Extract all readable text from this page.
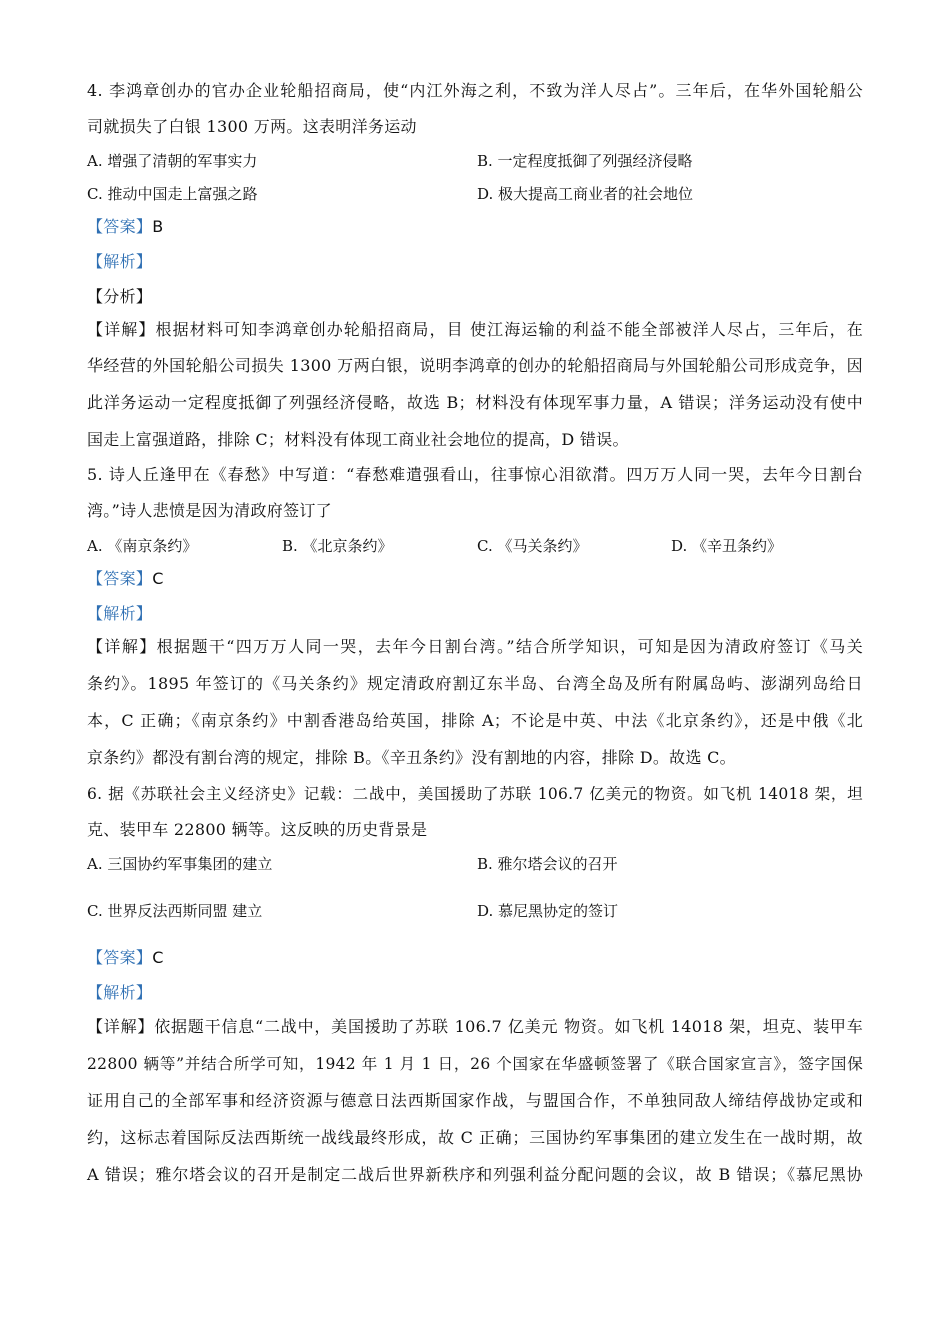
4. 李鸿章创办的官办企业轮船招商局，使“内江外海之利，不致为洋人尽占”。三年后，在华外国轮船公
司就损失了白银 1300 万两。这表明洋务运动
A. 增强了清朝的军事实力	B. 一定程度抵御了列强经济侵略
C. 推动中国走上富强之路	D. 极大提高工商业者的社会地位
【答案】B
【解析】
【分析】
【详解】根据材料可知李鸿章创办轮船招商局，目 使江海运输的利益不能全部被洋人尽占，三年后，在
华经营的外国轮船公司损失 1300 万两白银，说明李鸿章的创办的轮船招商局与外国轮船公司形成竞争，因
此洋务运动一定程度抵御了列强经济侵略，故选 B；材料没有体现军事力量，A 错误；洋务运动没有使中
国走上富强道路，排除 C；材料没有体现工商业社会地位的提高，D 错误。
5. 诗人丘逢甲在《春愁》中写道：“春愁难遣强看山，往事惊心泪欲潸。四万万人同一哭，去年今日割台
湾。”诗人悲愤是因为清政府签订了
A. 《南京条约》	B. 《北京条约》	C. 《马关条约》	D. 《辛丑条约》
【答案】C
【解析】
【详解】根据题干“四万万人同一哭，去年今日割台湾。”结合所学知识，可知是因为清政府签订《马关
条约》。1895 年签订的《马关条约》规定清政府割辽东半岛、台湾全岛及所有附属岛屿、澎湖列岛给日
本，C 正确；《南京条约》中割香港岛给英国，排除 A；不论是中英、中法《北京条约》，还是中俄《北
京条约》都没有割台湾的规定，排除 B。《辛丑条约》没有割地的内容，排除 D。故选 C。
6. 据《苏联社会主义经济史》记载：二战中，美国援助了苏联 106.7 亿美元的物资。如飞机 14018 架，坦
克、装甲车 22800 辆等。这反映的历史背景是
A. 三国协约军事集团的建立	B. 雅尔塔会议的召开
C. 世界反法西斯同盟 建立	D. 慕尼黑协定的签订
【答案】C
【解析】
【详解】依据题干信息“二战中，美国援助了苏联 106.7 亿美元 物资。如飞机 14018 架，坦克、装甲车
22800 辆等”并结合所学可知，1942 年 1 月 1 日，26 个国家在华盛顿签署了《联合国家宣言》，签字国保
证用自己的全部军事和经济资源与德意日法西斯国家作战，与盟国合作，不单独同敌人缔结停战协定或和
约，这标志着国际反法西斯统一战线最终形成，故 C 正确；三国协约军事集团的建立发生在一战时期，故
A 错误；雅尔塔会议的召开是制定二战后世界新秩序和列强利益分配问题的会议，故 B 错误；《慕尼黑协
